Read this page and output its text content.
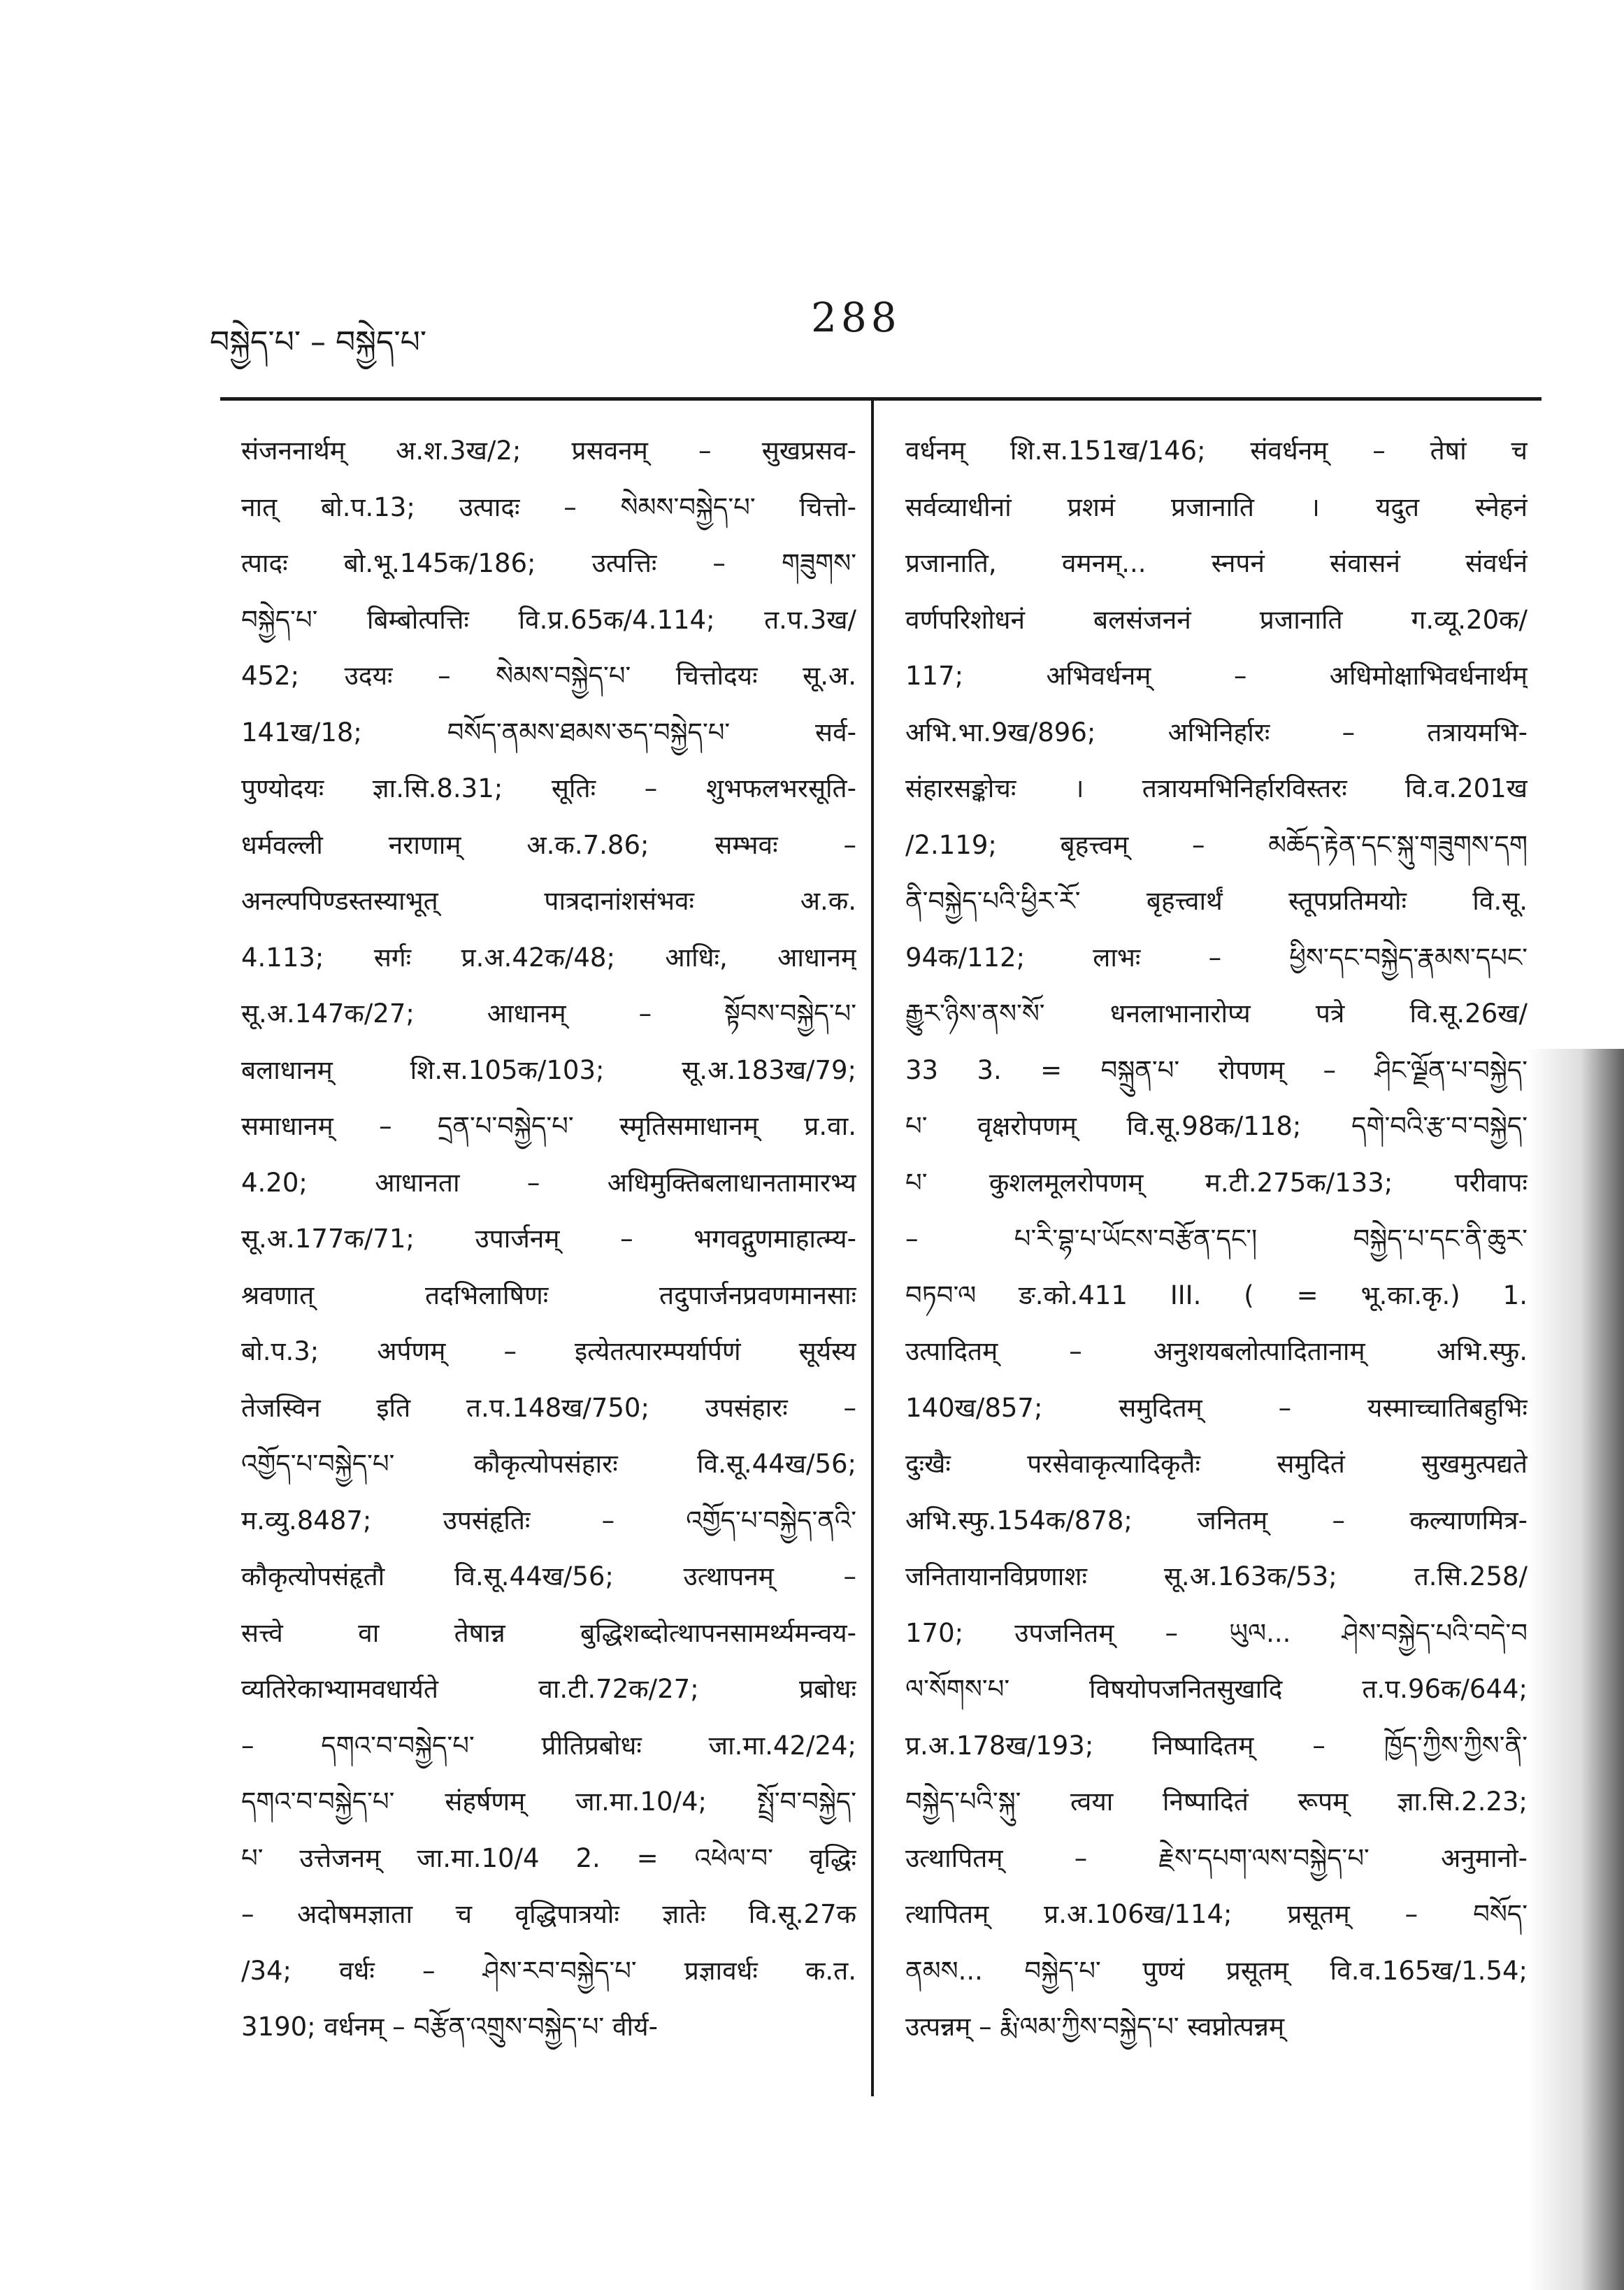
བསྐྱེད་པ་ – བསྐྱེད་པ་
288
संजननार्थम् अ.श.3ख/2; प्रसवनम् – सुखप्रसव-
नात् बो.प.13; उत्पादः – སེམས་བསྐྱེད་པ་ चित्तो-
त्पादः बो.भू.145क/186; उत्पत्तिः – གཟུགས་
བསྐྱེད་པ་ बिम्बोत्पत्तिः वि.प्र.65क/4.114; त.प.3ख/
452; उदयः – སེམས་བསྐྱེད་པ་ चित्तोदयः सू.अ.
141ख/18; བསོད་ནམས་ཐམས་ཅད་བསྐྱེད་པ་ सर्व-
पुण्योदयः ज्ञा.सि.8.31; सूतिः – शुभफलभरसूति-
धर्मवल्ली नराणाम् अ.क.7.86; सम्भवः –
अनल्पपिण्डस्तस्याभूत् पात्रदानांशसंभवः अ.क.
4.113; सर्गः प्र.अ.42क/48; आधिः, आधानम्
सू.अ.147क/27; आधानम् – སྟོབས་བསྐྱེད་པ་
बलाधानम् शि.स.105क/103; सू.अ.183ख/79;
समाधानम् – དྲན་པ་བསྐྱེད་པ་ स्मृतिसमाधानम् प्र.वा.
4.20; आधानता – अधिमुक्तिबलाधानतामारभ्य
सू.अ.177क/71; उपार्जनम् – भगवद्गुणमाहात्म्य-
श्रवणात् तदभिलाषिणः तदुपार्जनप्रवणमानसाः
बो.प.3; अर्पणम् – इत्येतत्पारम्पर्यार्पणं सूर्यस्य
तेजस्विन इति त.प.148ख/750; उपसंहारः –
འགྱོད་པ་བསྐྱེད་པ་ कौकृत्योपसंहारः वि.सू.44ख/56;
म.व्यु.8487; उपसंहृतिः – འགྱོད་པ་བསྐྱེད་ནའི་
कौकृत्योपसंहृतौ वि.सू.44ख/56; उत्थापनम् –
सत्त्वे वा तेषान्न बुद्धिशब्दोत्थापनसामर्थ्यमन्वय-
व्यतिरेकाभ्यामवधार्यते वा.टी.72क/27; प्रबोधः
– དགའ་བ་བསྐྱེད་པ་ प्रीतिप्रबोधः जा.मा.42/24;
དགའ་བ་བསྐྱེད་པ་ संहर्षणम् जा.मा.10/4; སྤྲོ་བ་བསྐྱེད་
པ་ उत्तेजनम् जा.मा.10/4 2. = འཕེལ་བ་ वृद्धिः
– अदोषमज्ञाता च वृद्धिपात्रयोः ज्ञातेः वि.सू.27क
/34; वर्धः – ཤེས་རབ་བསྐྱེད་པ་ प्रज्ञावर्धः क.त.
3190; वर्धनम् – བརྩོན་འགྲུས་བསྐྱེད་པ་ वीर्य-
वर्धनम् शि.स.151ख/146; संवर्धनम् – तेषां च
सर्वव्याधीनां प्रशमं प्रजानाति । यदुत स्नेहनं
प्रजानाति, वमनम्... स्नपनं संवासनं संवर्धनं
वर्णपरिशोधनं बलसंजननं प्रजानाति ग.व्यू.20क/
117; अभिवर्धनम् – अधिमोक्षाभिवर्धनार्थम्
अभि.भा.9ख/896; अभिनिर्हारः – तत्रायमभि-
संहारसङ्कोचः । तत्रायमभिनिर्हारविस्तरः वि.व.201ख
/2.119; बृहत्त्वम् – མཆོད་རྟེན་དང་སྐུ་གཟུགས་དག
ནི་བསྐྱེད་པའི་ཕྱིར་རོ་ बृहत्त्वार्थं स्तूपप्रतिमयोः वि.सू.
94क/112; लाभः – ཕྱིས་དང་བསྐྱེད་རྣམས་དཔང་
རྒྱུར་ཉིས་ནས་སོ་ धनलाभानारोप्य पत्रे वि.सू.26ख/
33 3. = བསྐྲུན་པ་ रोपणम् – ཤིང་ལྗོན་པ་བསྐྱེད་
པ་ वृक्षरोपणम् वि.सू.98क/118; དགེ་བའི་རྩ་བ་བསྐྱེད་
པ་ कुशलमूलरोपणम् म.टी.275क/133; परीवापः
– པ་རི་བྷ་པ་ཡོངས་བརྩོན་དང་། བསྐྱེད་པ་དང་ནི་ཆུར་
བཏབ་ལ ङ.को.411 III. ( = भू.का.कृ.) 1.
उत्पादितम् – अनुशयबलोत्पादितानाम् अभि.स्फु.
140ख/857; समुदितम् – यस्माच्चातिबहुभिः
दुःखैः परसेवाकृत्यादिकृतैः समुदितं सुखमुत्पद्यते
अभि.स्फु.154क/878; जनितम् – कल्याणमित्र-
जनितायानविप्रणाशः सू.अ.163क/53; त.सि.258/
170; उपजनितम् – ཡུལ... ཤེས་བསྐྱེད་པའི་བདེ་བ
ལ་སོགས་པ་ विषयोपजनितसुखादि त.प.96क/644;
प्र.अ.178ख/193; निष्पादितम् – ཁྱོད་ཀྱིས་ཀྱིས་ནི་
བསྐྱེད་པའི་སྐུ་ त्वया निष्पादितं रूपम् ज्ञा.सि.2.23;
उत्थापितम् – རྗེས་དཔག་ལས་བསྐྱེད་པ་ अनुमानो-
त्थापितम् प्र.अ.106ख/114; प्रसूतम् – བསོད་
ནམས... བསྐྱེད་པ་ पुण्यं प्रसूतम् वि.व.165ख/1.54;
उत्पन्नम् – རྨི་ལམ་ཀྱིས་བསྐྱེད་པ་ स्वप्नोत्पन्नम्
